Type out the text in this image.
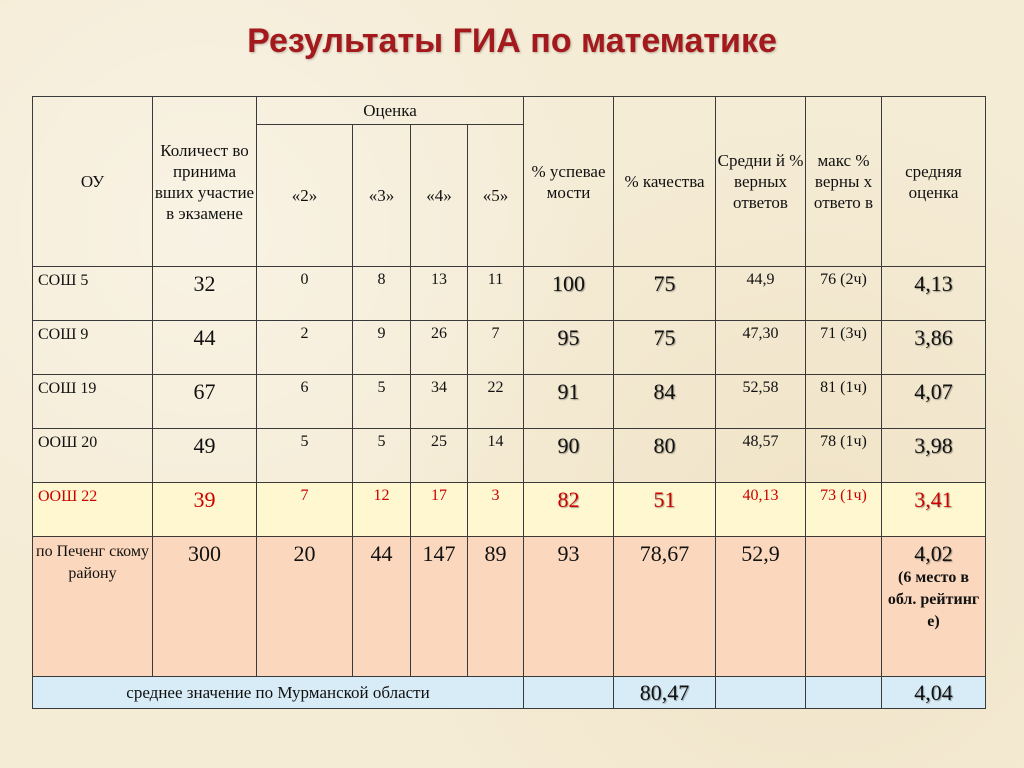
Результаты ГИА по математике
ОУ	Количест во принима вших участие в экзамене	Оценка				% успевае мости	% качества	Средни й % верных ответов	макс % верны х ответо в	средняя оценка
		«2»	«3»	«4»	«5»					
СОШ 5	32	0	8	13	11	100	75	44,9	76 (2ч)	4,13
СОШ 9	44	2	9	26	7	95	75	47,30	71 (3ч)	3,86
СОШ 19	67	6	5	34	22	91	84	52,58	81 (1ч)	4,07
ООШ 20	49	5	5	25	14	90	80	48,57	78 (1ч)	3,98
ООШ 22	39	7	12	17	3	82	51	40,13	73 (1ч)	3,41
по Печенг скому району	300	20	44	147	89	93	78,67	52,9		4,02
(6 место в обл. рейтинг е)

среднее значение по Мурманской области							80,47			4,04
